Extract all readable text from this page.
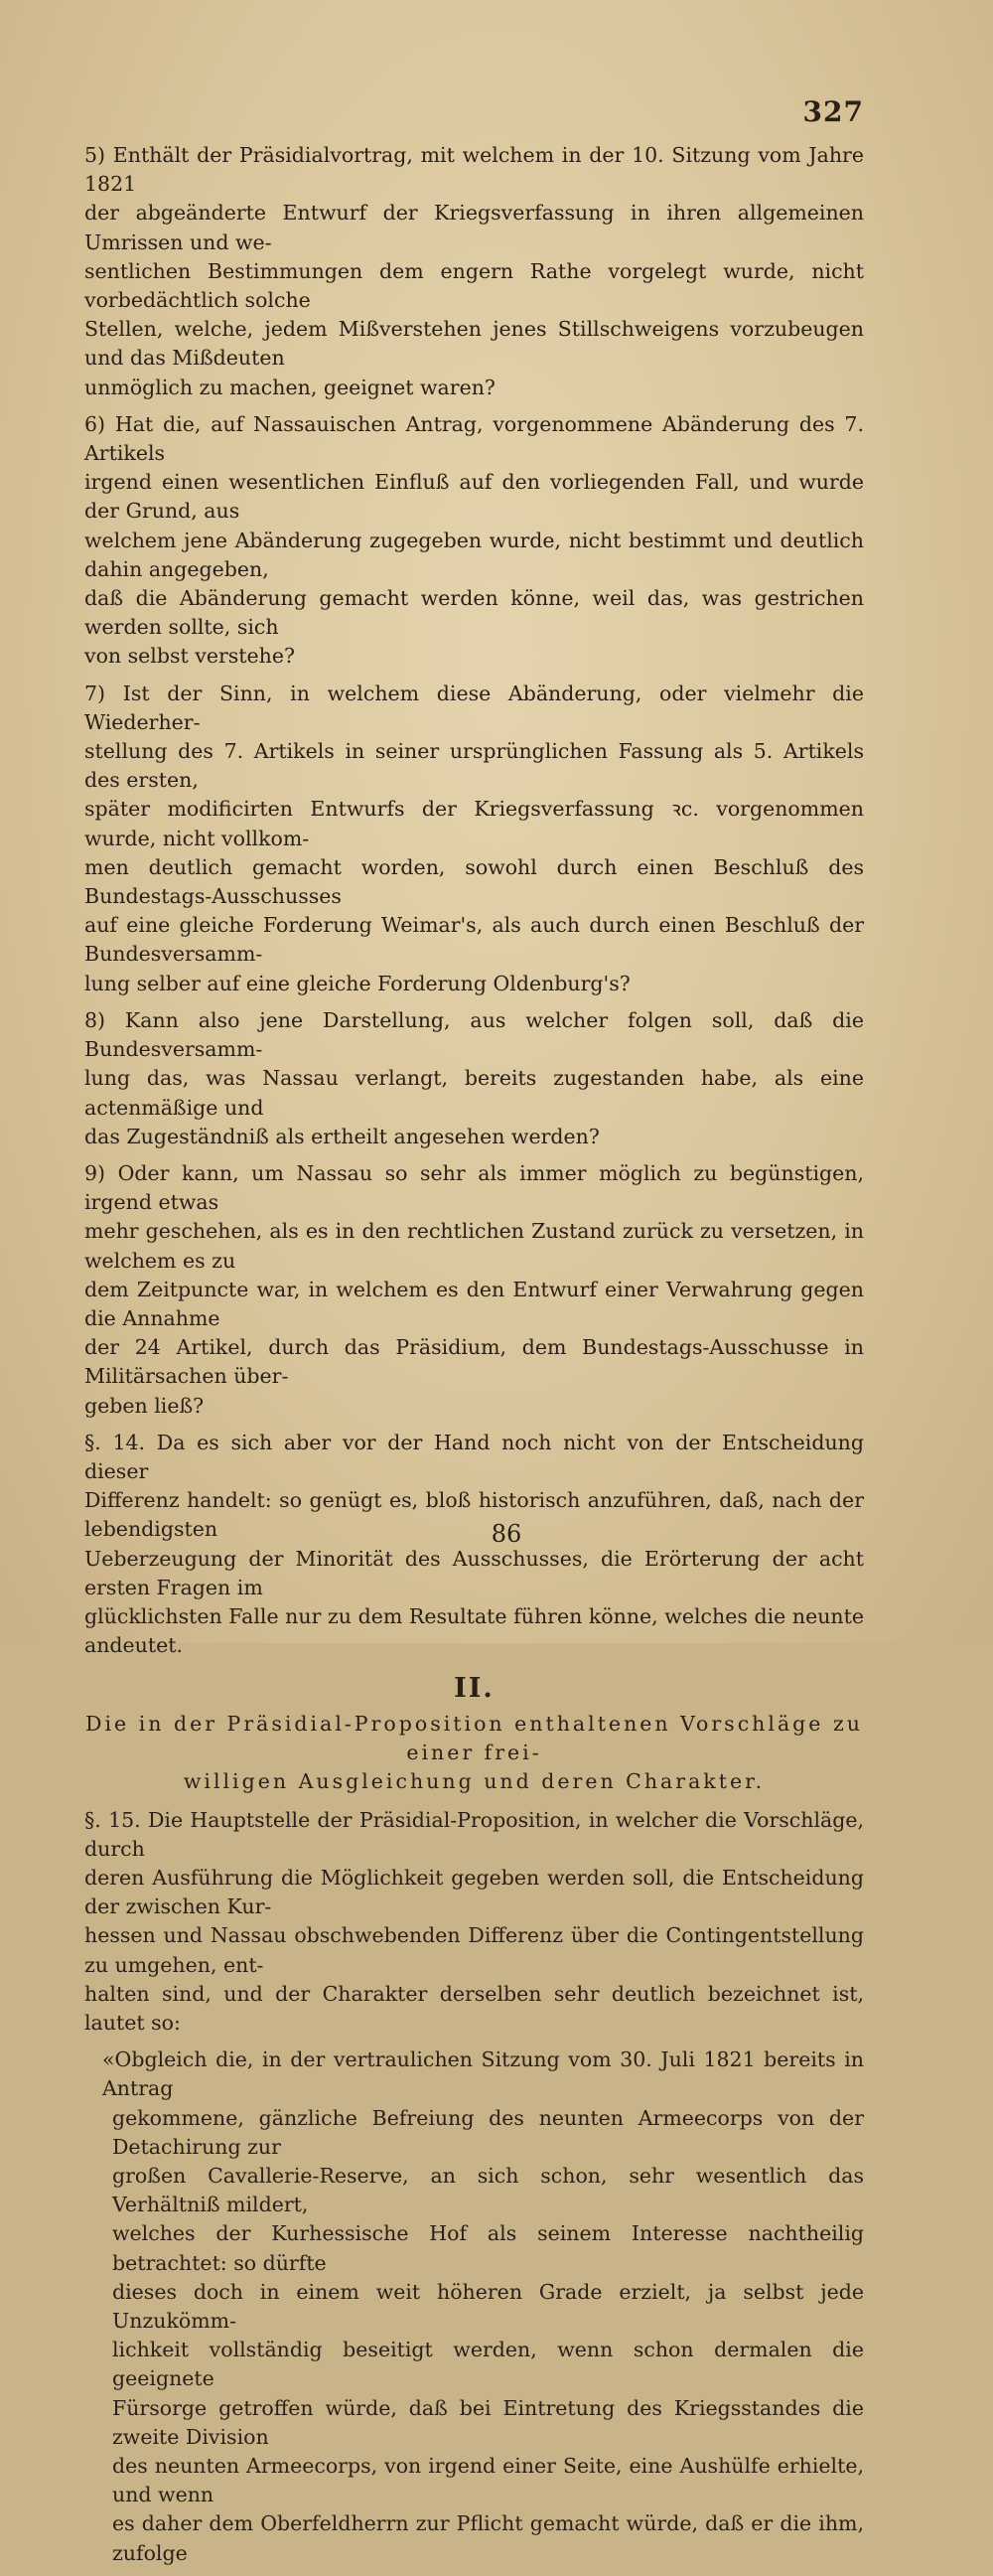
327
5) Enthält der Präsidialvortrag, mit welchem in der 10. Sitzung vom Jahre 1821
der abgeänderte Entwurf der Kriegsverfassung in ihren allgemeinen Umrissen und we-
sentlichen Bestimmungen dem engern Rathe vorgelegt wurde, nicht vorbedächtlich solche
Stellen, welche, jedem Mißverstehen jenes Stillschweigens vorzubeugen und das Mißdeuten
unmöglich zu machen, geeignet waren?
6) Hat die, auf Nassauischen Antrag, vorgenommene Abänderung des 7. Artikels
irgend einen wesentlichen Einfluß auf den vorliegenden Fall, und wurde der Grund, aus
welchem jene Abänderung zugegeben wurde, nicht bestimmt und deutlich dahin angegeben,
daß die Abänderung gemacht werden könne, weil das, was gestrichen werden sollte, sich
von selbst verstehe?
7) Ist der Sinn, in welchem diese Abänderung, oder vielmehr die Wiederher-
stellung des 7. Artikels in seiner ursprünglichen Fassung als 5. Artikels des ersten,
später modificirten Entwurfs der Kriegsverfassung ꝛc. vorgenommen wurde, nicht vollkom-
men deutlich gemacht worden, sowohl durch einen Beschluß des Bundestags-Ausschusses
auf eine gleiche Forderung Weimar's, als auch durch einen Beschluß der Bundesversamm-
lung selber auf eine gleiche Forderung Oldenburg's?
8) Kann also jene Darstellung, aus welcher folgen soll, daß die Bundesversamm-
lung das, was Nassau verlangt, bereits zugestanden habe, als eine actenmäßige und
das Zugeständniß als ertheilt angesehen werden?
9) Oder kann, um Nassau so sehr als immer möglich zu begünstigen, irgend etwas
mehr geschehen, als es in den rechtlichen Zustand zurück zu versetzen, in welchem es zu
dem Zeitpuncte war, in welchem es den Entwurf einer Verwahrung gegen die Annahme
der 24 Artikel, durch das Präsidium, dem Bundestags-Ausschusse in Militärsachen über-
geben ließ?
§. 14. Da es sich aber vor der Hand noch nicht von der Entscheidung dieser
Differenz handelt: so genügt es, bloß historisch anzuführen, daß, nach der lebendigsten
Ueberzeugung der Minorität des Ausschusses, die Erörterung der acht ersten Fragen im
glücklichsten Falle nur zu dem Resultate führen könne, welches die neunte andeutet.
II.
Die in der Präsidial-Proposition enthaltenen Vorschläge zu einer frei-
willigen Ausgleichung und deren Charakter.
§. 15. Die Hauptstelle der Präsidial-Proposition, in welcher die Vorschläge, durch
deren Ausführung die Möglichkeit gegeben werden soll, die Entscheidung der zwischen Kur-
hessen und Nassau obschwebenden Differenz über die Contingentstellung zu umgehen, ent-
halten sind, und der Charakter derselben sehr deutlich bezeichnet ist, lautet so:
«Obgleich die, in der vertraulichen Sitzung vom 30. Juli 1821 bereits in Antrag
gekommene, gänzliche Befreiung des neunten Armeecorps von der Detachirung zur
großen Cavallerie-Reserve, an sich schon, sehr wesentlich das Verhältniß mildert,
welches der Kurhessische Hof als seinem Interesse nachtheilig betrachtet: so dürfte
dieses doch in einem weit höheren Grade erzielt, ja selbst jede Unzukömm-
lichkeit vollständig beseitigt werden, wenn schon dermalen die geeignete
Fürsorge getroffen würde, daß bei Eintretung des Kriegsstandes die zweite Division
des neunten Armeecorps, von irgend einer Seite, eine Aushülfe erhielte, und wenn
es daher dem Oberfeldherrn zur Pflicht gemacht würde, daß er die ihm, zufolge
86
